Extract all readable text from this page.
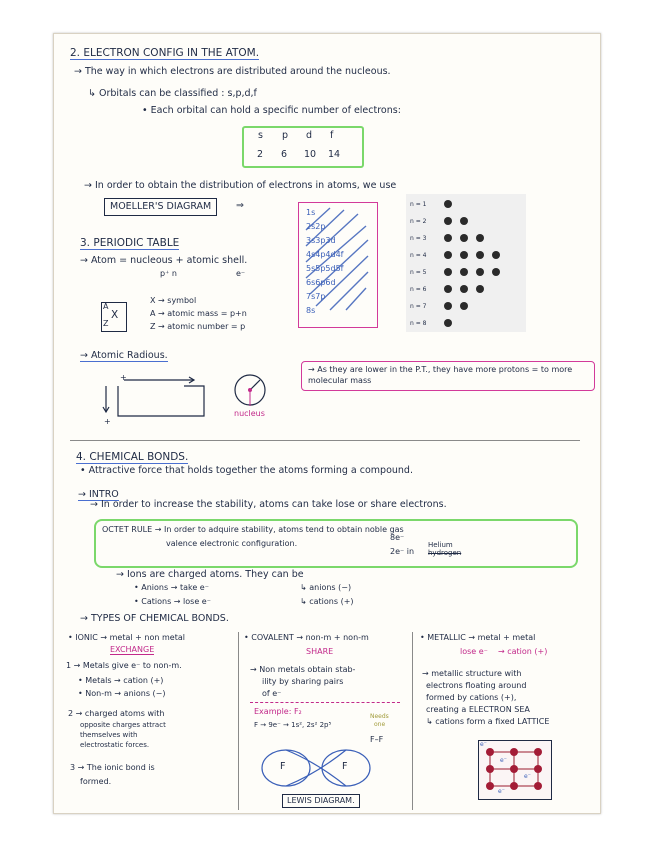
2. ELECTRON CONFIG IN THE ATOM.
→ The way in which electrons are distributed around the nucleous.
↳ Orbitals can be classified : s,p,d,f
• Each orbital can hold a specific number of electrons:
s p d f
2 6 10 14
→ In order to obtain the distribution of electrons in atoms, we use
MOELLER'S DIAGRAM	⇒
1s
2s2p
3s3p3d
4s4p4d4f
5s5p5d5f
6s6p6d
7s7p
8s
n = 1
n = 2
n = 3
n = 4
n = 5
n = 6
n = 7
n = 8
3. PERIODIC TABLE
→ Atom = nucleous + atomic shell.
p⁺ n	e⁻
A
Z
X
X → symbol
A → atomic mass = p+n
Z → atomic number = p
→ Atomic Radious.
+
+
nucleus
→ As they are lower in the P.T., they have more protons = to more molecular mass
4. CHEMICAL BONDS.
• Attractive force that holds together the atoms forming a compound.
→ INTRO
→ In order to increase the stability, atoms can take lose or share electrons.
OCTET RULE → In order to adquire stability, atoms tend to obtain noble gas
valence electronic configuration.
8e⁻
2e⁻ in
Helium
hydrogen
→ Ions are charged atoms. They can be
• Anions → take e⁻
• Cations → lose e⁻
↳ anions (−)
↳ cations (+)
→ TYPES OF CHEMICAL BONDS.
• IONIC → metal + non metal
EXCHANGE
1 → Metals give e⁻ to non-m.
• Metals → cation (+)
• Non-m → anions (−)
2 → charged atoms with
opposite charges attract
themselves with
electrostatic forces.
3 → The ionic bond is
formed.
• COVALENT → non-m + non-m
SHARE
→ Non metals obtain stab-
ility by sharing pairs
of e⁻
Example: F₂
F → 9e⁻ → 1s², 2s² 2p⁵
Needs
one
F–F
F	F
LEWIS DIAGRAM.
• METALLIC → metal + metal
lose e⁻ → cation (+)
→ metallic structure with
electrons floating around
formed by cations (+),
creating a ELECTRON SEA
↳ cations form a fixed LATTICE
e⁻
e⁻
e⁻
e⁻
